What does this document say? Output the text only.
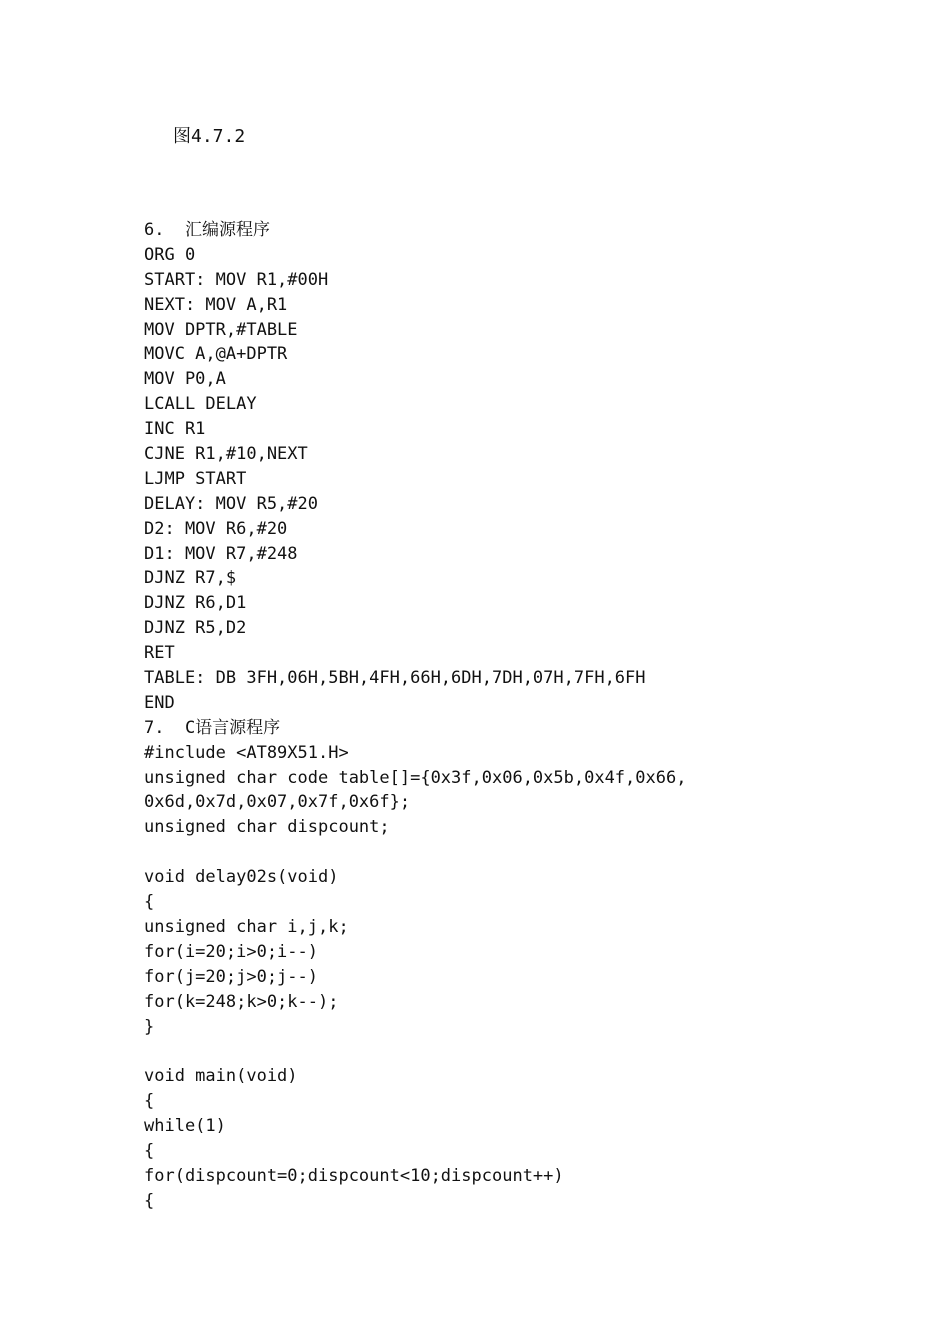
图4.7.2
6.  汇编源程序
ORG 0
START: MOV R1,#00H
NEXT: MOV A,R1
MOV DPTR,#TABLE
MOVC A,@A+DPTR
MOV P0,A
LCALL DELAY
INC R1
CJNE R1,#10,NEXT
LJMP START
DELAY: MOV R5,#20
D2: MOV R6,#20
D1: MOV R7,#248
DJNZ R7,$
DJNZ R6,D1
DJNZ R5,D2
RET
TABLE: DB 3FH,06H,5BH,4FH,66H,6DH,7DH,07H,7FH,6FH
END
7.  C语言源程序
#include <AT89X51.H>
unsigned char code table[]={0x3f,0x06,0x5b,0x4f,0x66,
0x6d,0x7d,0x07,0x7f,0x6f};
unsigned char dispcount;
void delay02s(void)
{
unsigned char i,j,k;
for(i=20;i>0;i--)
for(j=20;j>0;j--)
for(k=248;k>0;k--);
}
void main(void)
{
while(1)
{
for(dispcount=0;dispcount<10;dispcount++)
{
